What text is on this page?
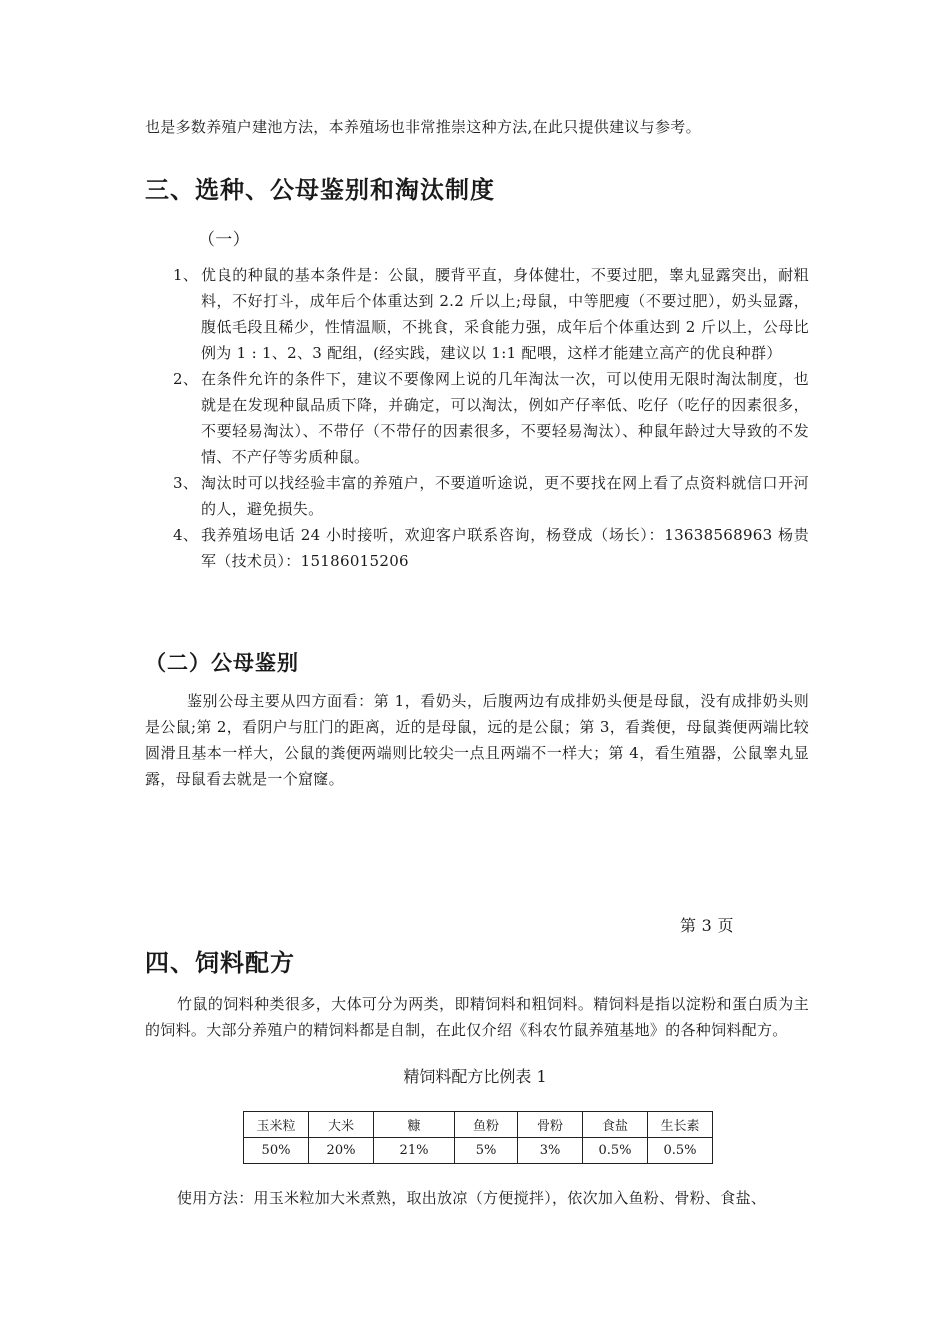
也是多数养殖户建池方法，本养殖场也非常推崇这种方法,在此只提供建议与参考。

三、选种、公母鉴别和淘汰制度
（一）
1、 优良的种鼠的基本条件是：公鼠，腰背平直，身体健壮，不要过肥，睾丸显露突出，耐粗料，不好打斗，成年后个体重达到 2.2 斤以上;母鼠，中等肥瘦（不要过肥），奶头显露，腹低毛段且稀少，性情温顺，不挑食，采食能力强，成年后个体重达到 2 斤以上，公母比例为 1 : 1、2、3 配组，(经实践，建议以 1:1 配喂，这样才能建立高产的优良种群）
2、 在条件允许的条件下，建议不要像网上说的几年淘汰一次，可以使用无限时淘汰制度，也就是在发现种鼠品质下降，并确定，可以淘汰，例如产仔率低、吃仔（吃仔的因素很多，不要轻易淘汰）、不带仔（不带仔的因素很多，不要轻易淘汰）、种鼠年龄过大导致的不发情、不产仔等劣质种鼠。
3、 淘汰时可以找经验丰富的养殖户，不要道听途说，更不要找在网上看了点资料就信口开河的人，避免损失。
4、 我养殖场电话 24 小时接听，欢迎客户联系咨询，杨登成（场长）：13638568963 杨贵军（技术员）：15186015206
（二）公母鉴别

鉴别公母主要从四方面看：第 1，看奶头，后腹两边有成排奶头便是母鼠，没有成排奶头则是公鼠;第 2，看阴户与肛门的距离，近的是母鼠，远的是公鼠；第 3，看粪便，母鼠粪便两端比较圆滑且基本一样大，公鼠的粪便两端则比较尖一点且两端不一样大；第 4，看生殖器，公鼠睾丸显露，母鼠看去就是一个窟窿。

第 3 页
四、饲料配方

竹鼠的饲料种类很多，大体可分为两类，即精饲料和粗饲料。精饲料是指以淀粉和蛋白质为主的饲料。大部分养殖户的精饲料都是自制，在此仅介绍《科农竹鼠养殖基地》的各种饲料配方。

精饲料配方比例表 1
玉米粒	大米	糠	鱼粉	骨粉	食盐	生长素
50%	20%	21%	5%	3%	0.5%	0.5%

使用方法：用玉米粒加大米煮熟，取出放凉（方便搅拌），依次加入鱼粉、骨粉、食盐、
